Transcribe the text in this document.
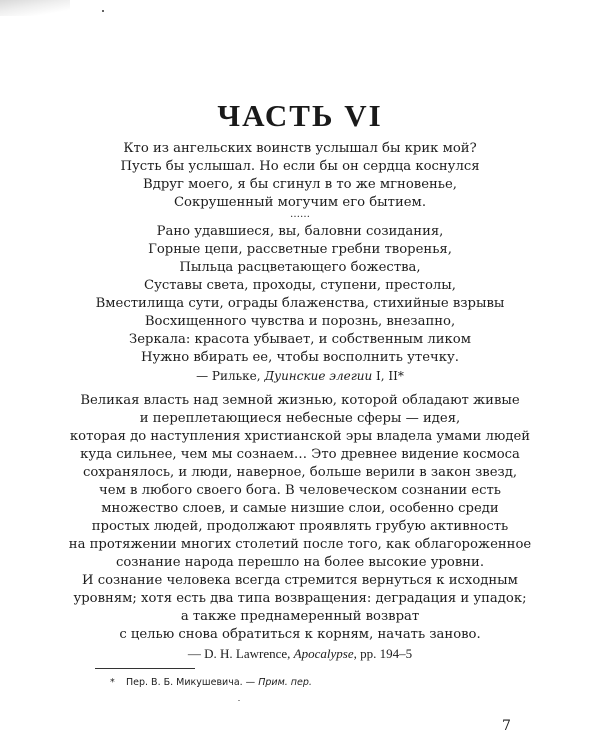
ЧАСТЬ VI
Кто из ангельских воинств услышал бы крик мой?
Пусть бы услышал. Но если бы он сердца коснулся
Вдруг моего, я бы сгинул в то же мгновенье,
Сокрушенный могучим его бытием.
……
Рано удавшиеся, вы, баловни созидания,
Горные цепи, рассветные гребни творенья,
Пыльца расцветающего божества,
Суставы света, проходы, ступени, престолы,
Вместилища сути, ограды блаженства, стихийные взрывы
Восхищенного чувства и порознь, внезапно,
Зеркала: красота убывает, и собственным ликом
Нужно вбирать ее, чтобы восполнить утечку.
— Рильке, Дуинские элегии I, II*
Великая власть над земной жизнью, которой обладают живые
и переплетающиеся небесные сферы — идея,
которая до наступления христианской эры владела умами людей
куда сильнее, чем мы сознаем… Это древнее видение космоса
сохранялось, и люди, наверное, больше верили в закон звезд,
чем в любого своего бога. В человеческом сознании есть
множество слоев, и самые низшие слои, особенно среди
простых людей, продолжают проявлять грубую активность
на протяжении многих столетий после того, как облагороженное
сознание народа перешло на более высокие уровни.
И сознание человека всегда стремится вернуться к исходным
уровням; хотя есть два типа возвращения: деградация и упадок;
а также преднамеренный возврат
с целью снова обратиться к корням, начать заново.
— D. H. Lawrence, Apocalypse, pp. 194–5
* Пер. В. Б. Микушевича. — Прим. пер.
7
